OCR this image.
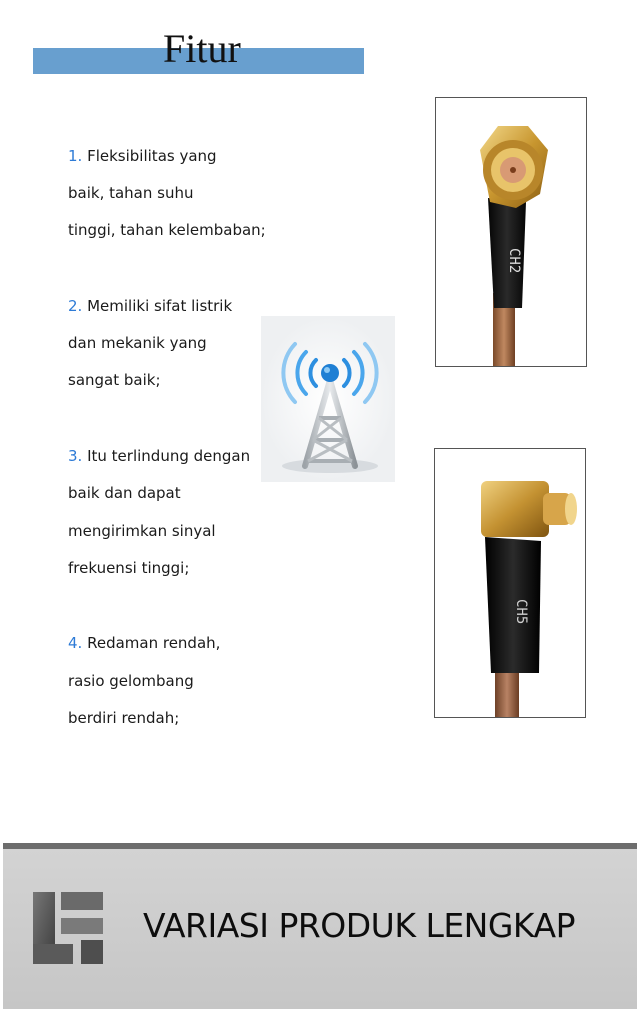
Fitur
1. Fleksibilitas yang
baik, tahan suhu
tinggi, tahan kelembaban;
2. Memiliki sifat listrik
dan mekanik yang
sangat baik;
3. Itu terlindung dengan
baik dan dapat
mengirimkan sinyal
frekuensi tinggi;
4. Redaman rendah,
rasio gelombang
berdiri rendah;
CH2
CH5
VARIASI PRODUK LENGKAP
